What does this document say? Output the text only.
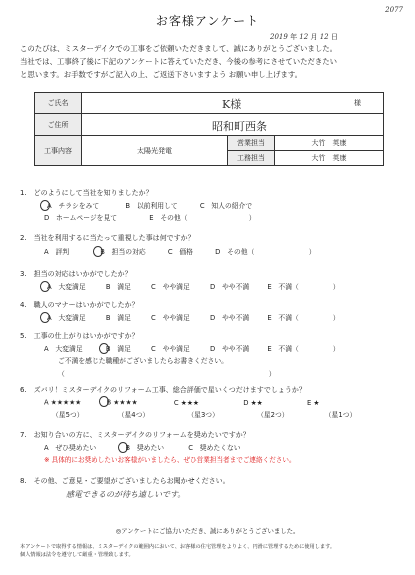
2077
お客様アンケート
2019 年 12 月 12 日
このたびは、ミスターデイクでの工事をご依頼いただきまして、誠にありがとうございました。
当社では、工事終了後に下記のアンケートに答えていただき、今後の参考にさせていただきたい
と思います。お手数ですがご記入の上、ご返送下さいますよう お願い申し上げます。
ご氏名	K様 様		

ご住所	昭和町西条		

工事内容	太陽光発電	営業担当	大竹　英康
		工務担当	大竹　英康
1.　どのようにして当社を知りましたか？
A　チラシをみて	B　以前利用して	C　知人の紹介で
D　ホームページを見て	E　その他（　　　　　　　　　）
2.　当社を利用するに当たって重視した事は何ですか？
A　評判	B　担当の対応	C　価格	D　その他（　　　　　　　　）
3.　担当の対応はいかがでしたか？
A　大変満足	B　満足	C　やや満足	D　やや不満	E　不満（　　　　　）
4.　職人のマナーはいかがでしたか？
A　大変満足	B　満足	C　やや満足	D　やや不満	E　不満（　　　　　）
5.　工事の仕上がりはいかがですか？
A　大変満足	B　満足	C　やや満足	D　やや不満	E　不満（　　　　　）
ご不満を感じた職種がございましたらお書きください。
（　　　　　　　　　　　　　　　　　　　　　　　　　　　　　　）
6.　ズバリ！ミスターデイクのリフォーム工事、総合評価で星いくつだけますでしょうか？
A ★★★★★	B ★★★★	C ★★★	D ★★	E ★
（星5つ）	（星4つ）	（星3つ）	（星2つ）	（星1つ）
7.　お知り合いの方に、ミスターデイクのリフォームを奨めたいですか？
A　ぜひ奨めたい	B　奨めたい	C　奨めたくない
※ 具体的にお奨めしたいお客様がいましたら、ぜひ営業担当者までご連絡ください。
8.　その他、ご意見・ご要望がございましたらお聞かせください。
感電できるのが待ち遠しいです。
◎アンケートにご協力いただき、誠にありがとうございました。
本アンケートで取得する情報は、ミスターデイクの範囲内において、お客様の住宅管理をよりよく、円滑に管理するために使用します。
個人情報は法令を遵守して厳重・管理致します。
